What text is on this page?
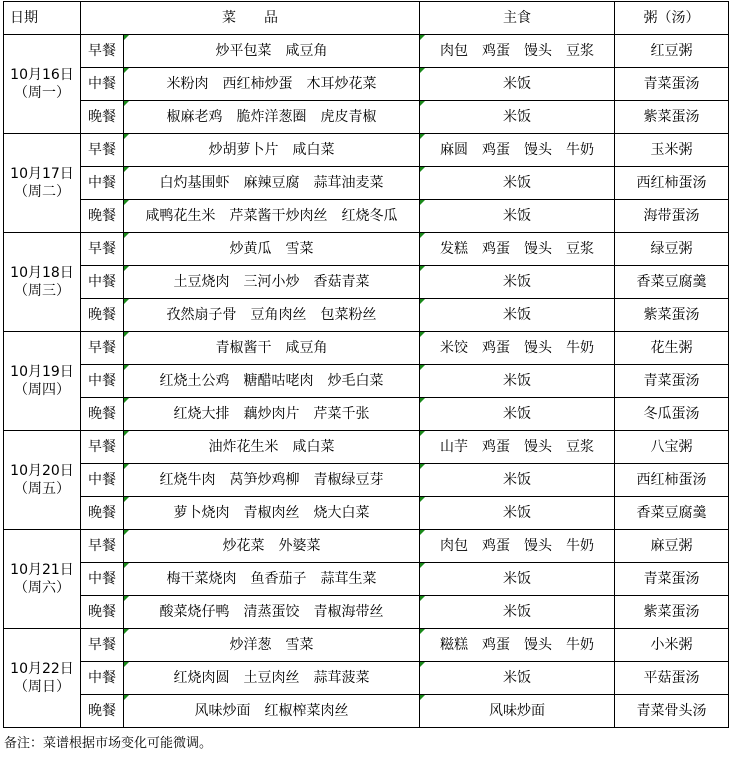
日期	菜　　品		主食	粥（汤）

10月16日
（周一）	早餐	炒平包菜　咸豆角	肉包　鸡蛋　馒头　豆浆	红豆粥
	中餐	米粉肉　西红柿炒蛋　木耳炒花菜	米饭	青菜蛋汤
	晚餐	椒麻老鸡　脆炸洋葱圈　虎皮青椒	米饭	紫菜蛋汤

10月17日
（周二）	早餐	炒胡萝卜片　咸白菜	麻圆　鸡蛋　馒头　牛奶	玉米粥
	中餐	白灼基围虾　麻辣豆腐　蒜茸油麦菜	米饭	西红柿蛋汤
	晚餐	咸鸭花生米　芹菜酱干炒肉丝　红烧冬瓜	米饭	海带蛋汤

10月18日
（周三）	早餐	炒黄瓜　雪菜	发糕　鸡蛋　馒头　豆浆	绿豆粥
	中餐	土豆烧肉　三河小炒　香菇青菜	米饭	香菜豆腐羹
	晚餐	孜然扇子骨　豆角肉丝　包菜粉丝	米饭	紫菜蛋汤

10月19日
（周四）	早餐	青椒酱干　咸豆角	米饺　鸡蛋　馒头　牛奶	花生粥
	中餐	红烧土公鸡　糖醋咕咾肉　炒毛白菜	米饭	青菜蛋汤
	晚餐	红烧大排　藕炒肉片　芹菜千张	米饭	冬瓜蛋汤

10月20日
（周五）	早餐	油炸花生米　咸白菜	山芋　鸡蛋　馒头　豆浆	八宝粥
	中餐	红烧牛肉　莴笋炒鸡柳　青椒绿豆芽	米饭	西红柿蛋汤
	晚餐	萝卜烧肉　青椒肉丝　烧大白菜	米饭	香菜豆腐羹

10月21日
（周六）	早餐	炒花菜　外婆菜	肉包　鸡蛋　馒头　牛奶	麻豆粥
	中餐	梅干菜烧肉　鱼香茄子　蒜茸生菜	米饭	青菜蛋汤
	晚餐	酸菜烧仔鸭　清蒸蛋饺　青椒海带丝	米饭	紫菜蛋汤

10月22日
（周日）	早餐	炒洋葱　雪菜	糍糕　鸡蛋　馒头　牛奶	小米粥
	中餐	红烧肉圆　土豆肉丝　蒜茸菠菜	米饭	平菇蛋汤
	晚餐	风味炒面　红椒榨菜肉丝	风味炒面	青菜骨头汤
备注：菜谱根据市场变化可能微调。
